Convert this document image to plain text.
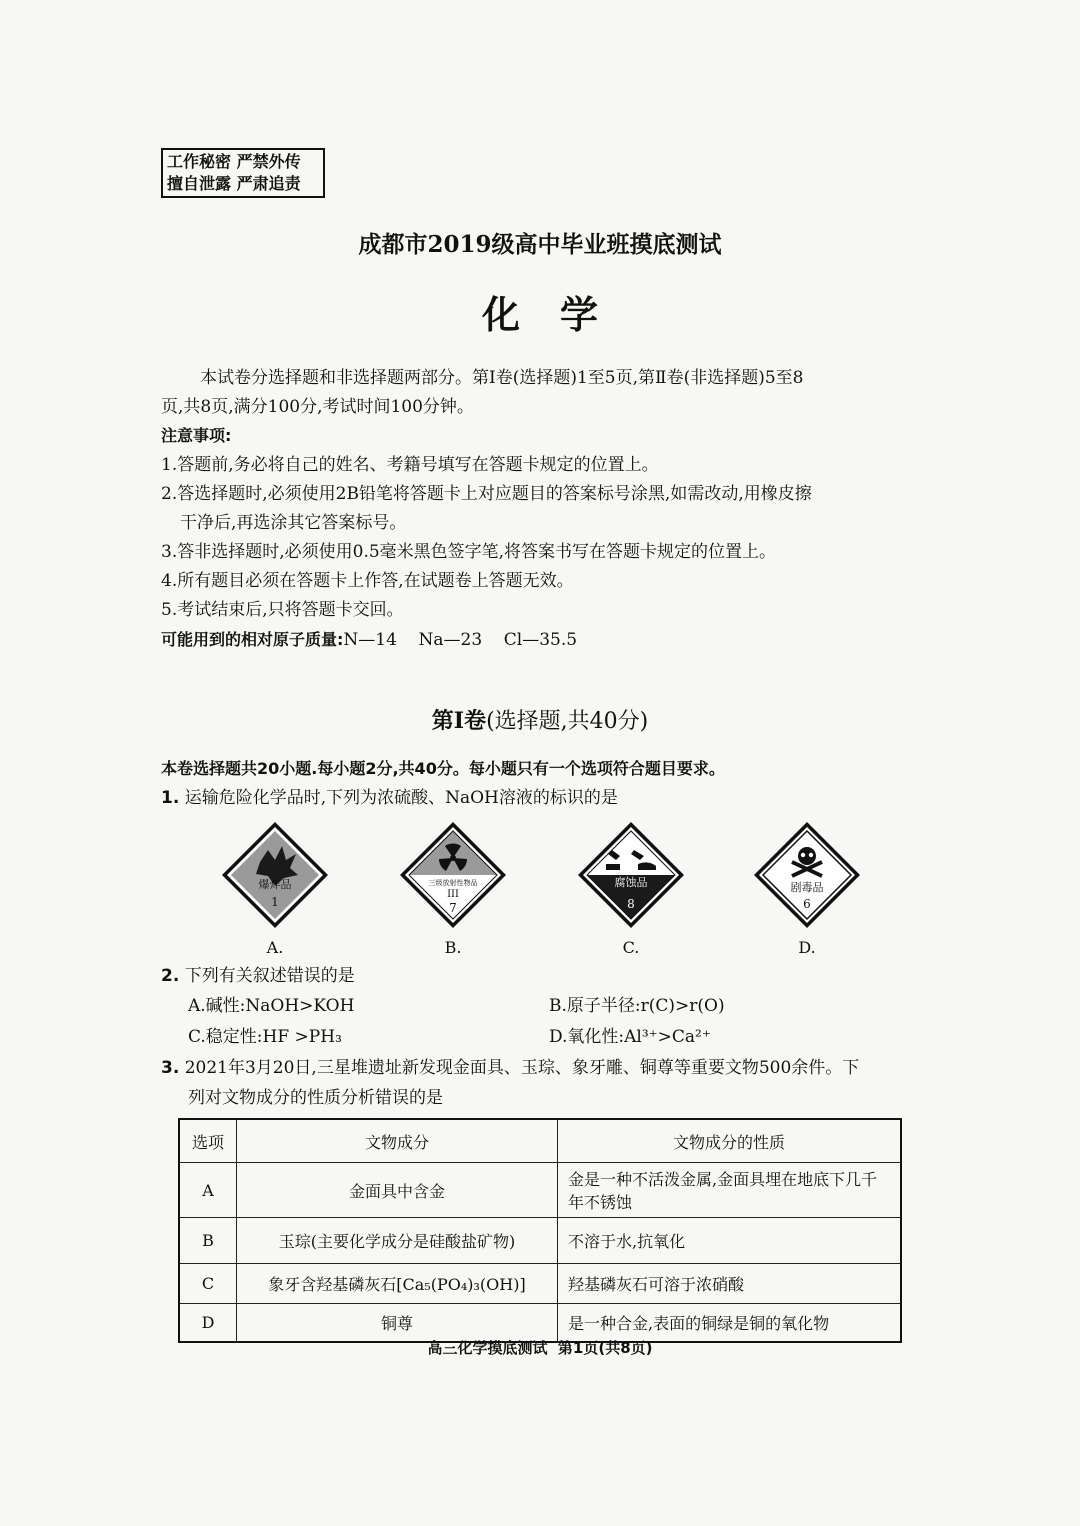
工作秘密 严禁外传
擅自泄露 严肃追责
成都市2019级高中毕业班摸底测试
化学
本试卷分选择题和非选择题两部分。第Ⅰ卷(选择题)1至5页,第Ⅱ卷(非选择题)5至8
页,共8页,满分100分,考试时间100分钟。
注意事项:
1.答题前,务必将自己的姓名、考籍号填写在答题卡规定的位置上。
2.答选择题时,必须使用2B铅笔将答题卡上对应题目的答案标号涂黑,如需改动,用橡皮擦
干净后,再选涂其它答案标号。
3.答非选择题时,必须使用0.5毫米黑色签字笔,将答案书写在答题卡规定的位置上。
4.所有题目必须在答题卡上作答,在试题卷上答题无效。
5.考试结束后,只将答题卡交回。
可能用到的相对原子质量:N—14    Na—23    Cl—35.5
第Ⅰ卷(选择题,共40分)
本卷选择题共20小题.每小题2分,共40分。每小题只有一个选项符合题目要求。
1. 运输危险化学品时,下列为浓硫酸、NaOH溶液的标识的是
爆炸品
1
A.
三级放射性物品
III
7
B.
腐蚀品
8
C.
剧毒品
6
D.
2. 下列有关叙述错误的是
A.碱性:NaOH>KOH	B.原子半径:r(C)>r(O)
C.稳定性:HF >PH₃	D.氧化性:Al³⁺>Ca²⁺
3. 2021年3月20日,三星堆遗址新发现金面具、玉琮、象牙雕、铜尊等重要文物500余件。下
列对文物成分的性质分析错误的是
选项	文物成分	文物成分的性质
A	金面具中含金	金是一种不活泼金属,金面具埋在地底下几千年不锈蚀
B	玉琮(主要化学成分是硅酸盐矿物)	不溶于水,抗氧化
C	象牙含羟基磷灰石[Ca₅(PO₄)₃(OH)]	羟基磷灰石可溶于浓硝酸
D	铜尊	是一种合金,表面的铜绿是铜的氧化物
高三化学摸底测试  第1页(共8页)
